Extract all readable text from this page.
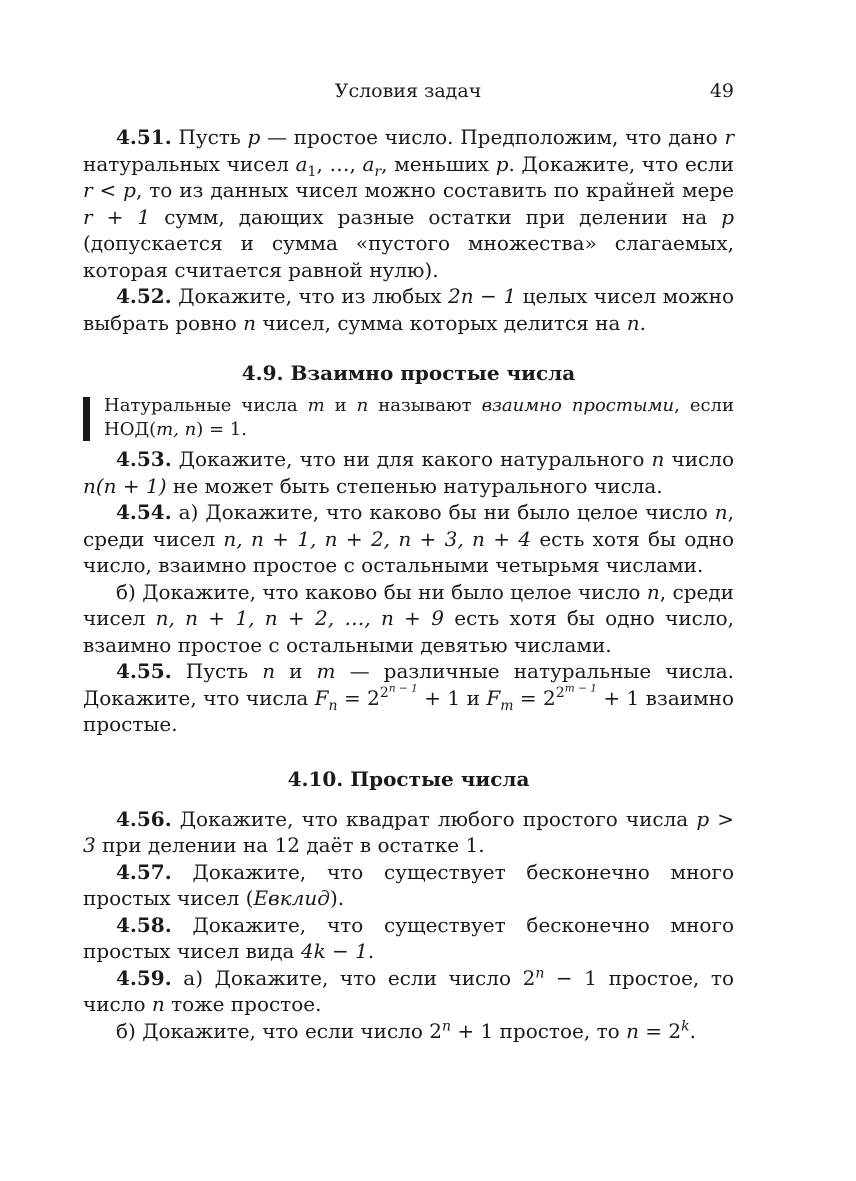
Условия задач	49

4.51. Пусть p — простое число. Предположим, что дано r натуральных чисел $a_1$, …, $a_r$, меньших p. Докажите, что если r < p, то из данных чисел можно составить по крайней мере r + 1 сумм, дающих разные остатки при делении на p (допускается и сумма «пустого множества» слагаемых, которая считается равной нулю).

4.52. Докажите, что из любых 2n − 1 целых чисел можно выбрать ровно n чисел, сумма которых делится на n.

4.9. Взаимно простые числа

Натуральные числа m и n называют взаимно простыми, если НОД(m, n) = 1.

4.53. Докажите, что ни для какого натурального n число n(n + 1) не может быть степенью натурального числа.

4.54. а) Докажите, что каково бы ни было целое число n, среди чисел n, n + 1, n + 2, n + 3, n + 4 есть хотя бы одно число, взаимно простое с остальными четырьмя числами.

б) Докажите, что каково бы ни было целое число n, среди чисел n, n + 1, n + 2, …, n + 9 есть хотя бы одно число, взаимно простое с остальными девятью числами.

4.55. Пусть n и m — различные натуральные числа. Докажите, что числа $F_n = 2^{2^{n - 1}} + 1$ и $F_m = 2^{2^{m - 1}} + 1$ взаимно простые.

4.10. Простые числа

4.56. Докажите, что квадрат любого простого числа p > 3 при делении на 12 даёт в остатке 1.

4.57. Докажите, что существует бесконечно много простых чисел (Евклид).

4.58. Докажите, что существует бесконечно много простых чисел вида 4k − 1.

4.59. а) Докажите, что если число $2^n - 1$ простое, то число n тоже простое.

б) Докажите, что если число $2^n + 1$ простое, то $n = 2^k$.
